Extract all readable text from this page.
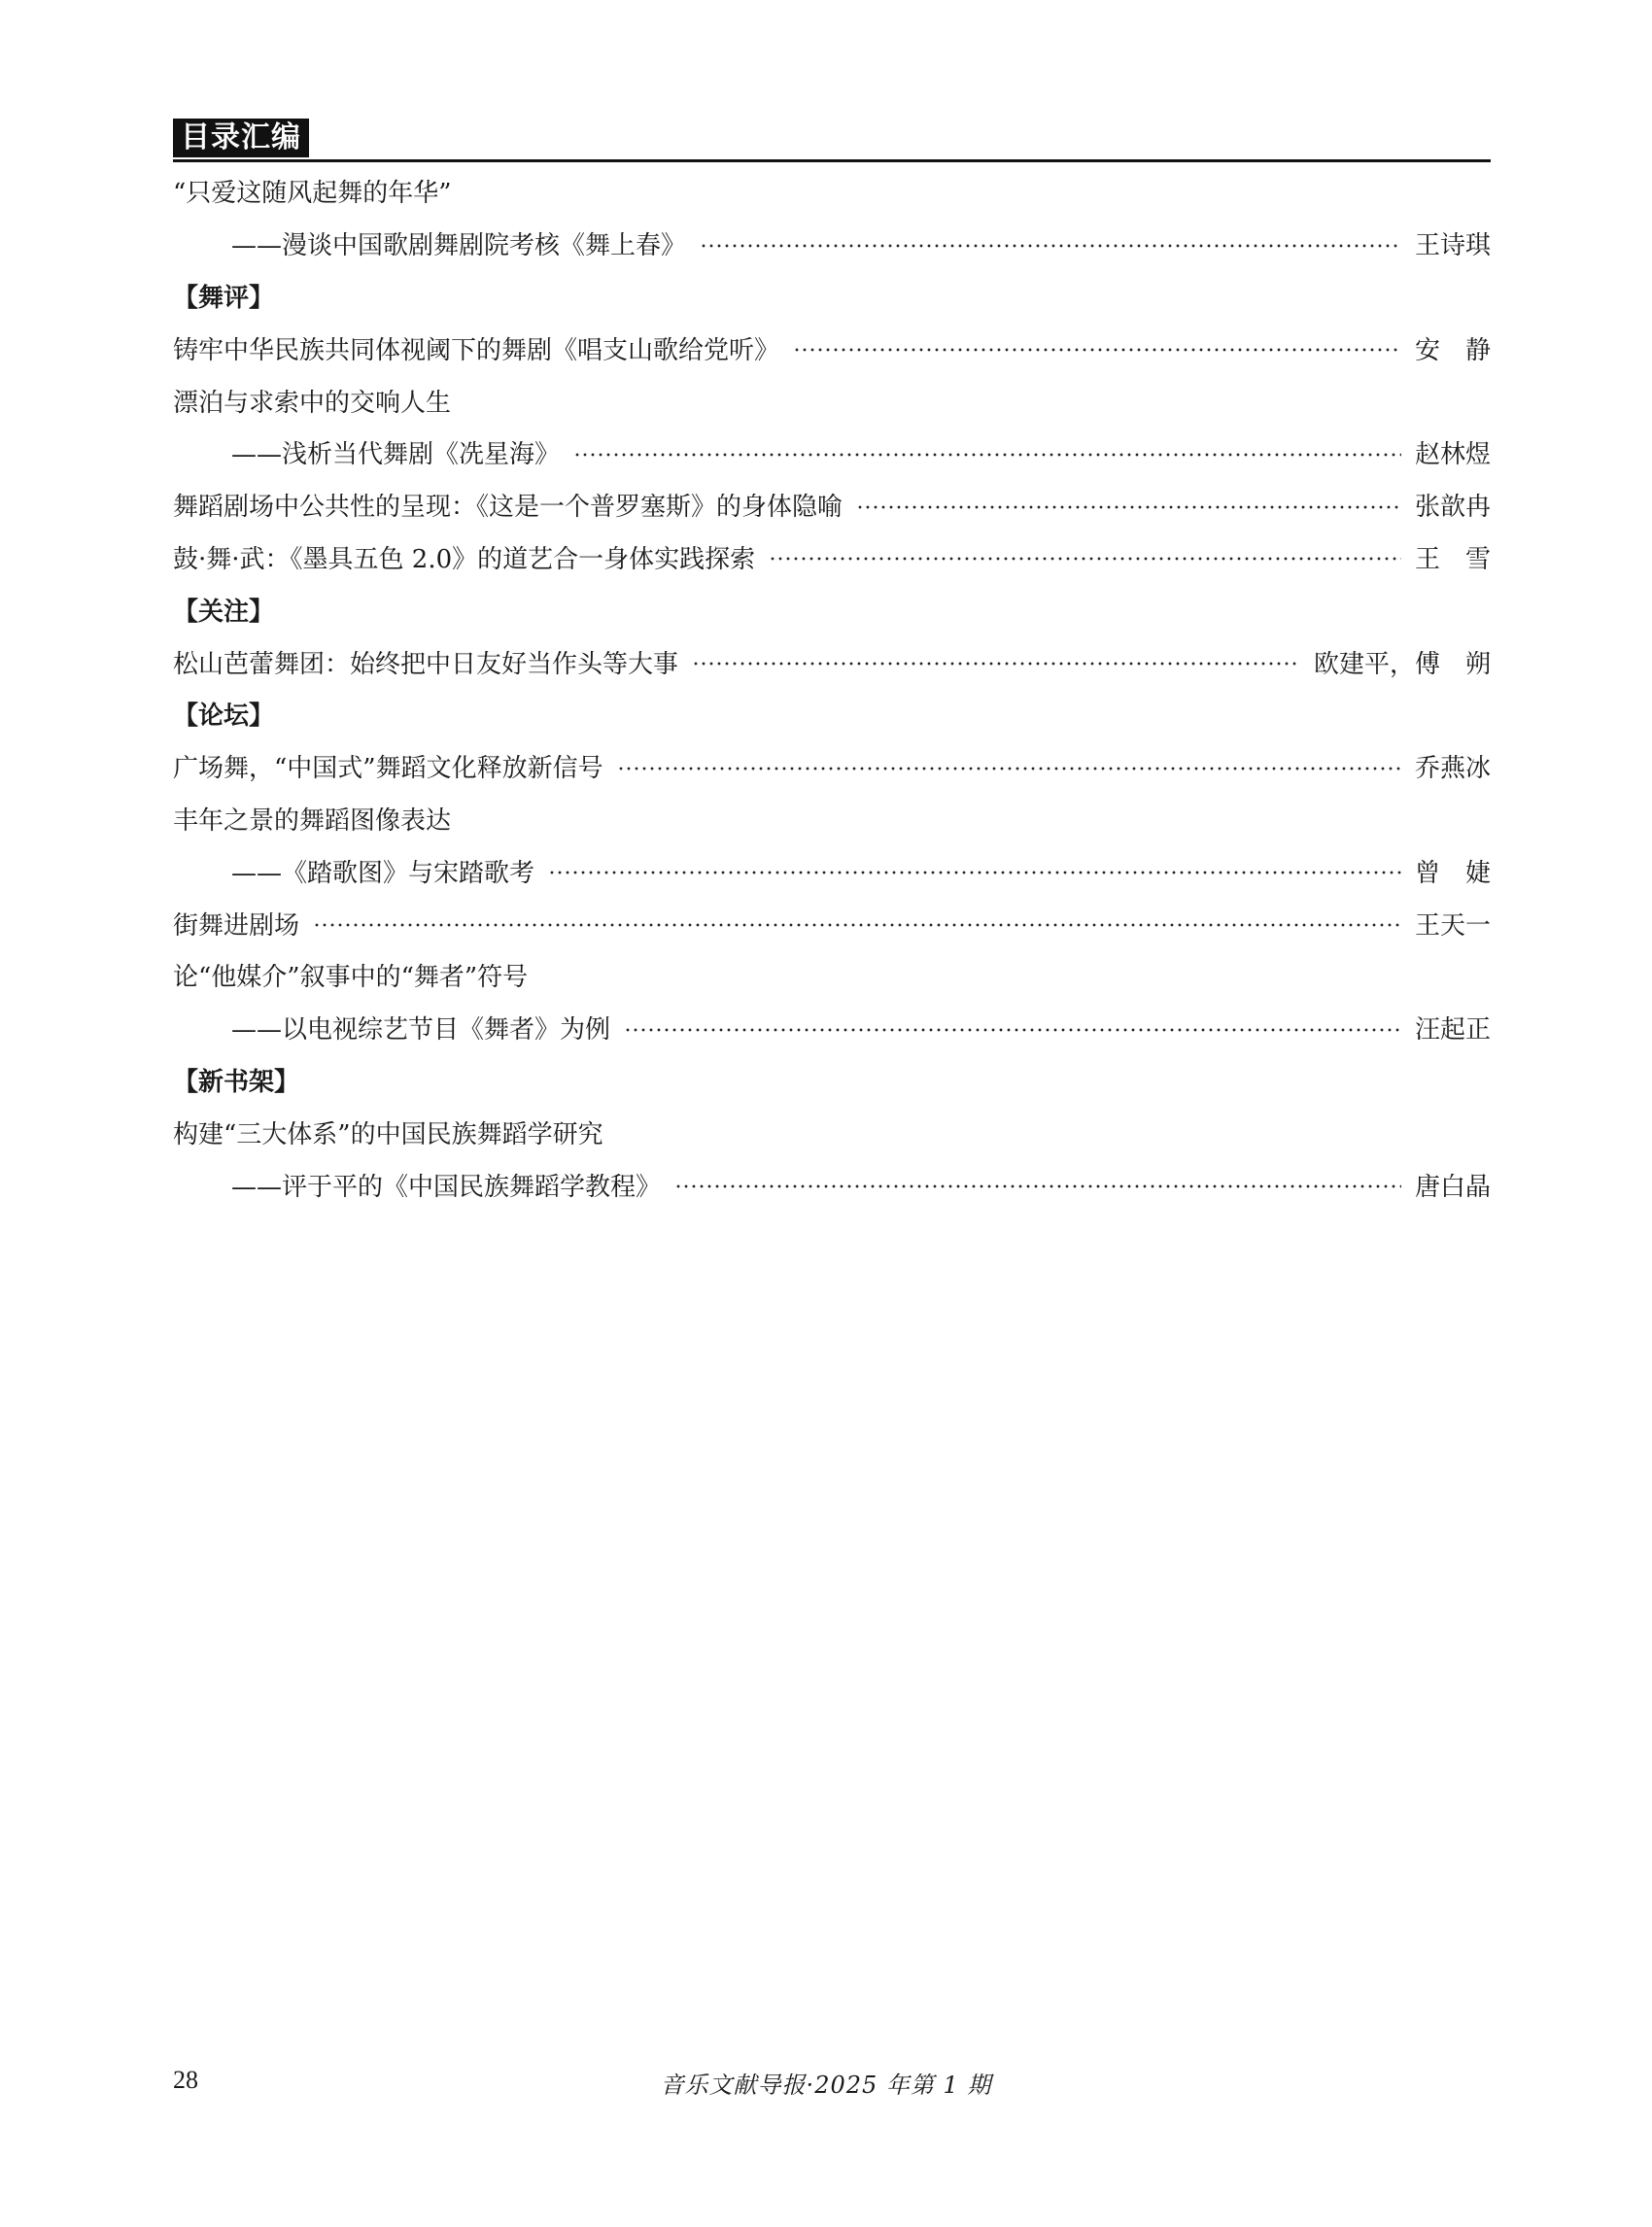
目录汇编
“只爱这随风起舞的年华”
——漫谈中国歌剧舞剧院考核《舞上春》	王诗琪
【舞评】
铸牢中华民族共同体视阈下的舞剧《唱支山歌给党听》	安　静
漂泊与求索中的交响人生
——浅析当代舞剧《冼星海》	赵林煜
舞蹈剧场中公共性的呈现：《这是一个普罗塞斯》的身体隐喻	张歆冉
鼓·舞·武：《墨具五色 2.0》的道艺合一身体实践探索	王　雪
【关注】
松山芭蕾舞团：始终把中日友好当作头等大事	欧建平，傅　朔
【论坛】
广场舞，“中国式”舞蹈文化释放新信号	乔燕冰
丰年之景的舞蹈图像表达
——《踏歌图》与宋踏歌考	曾　婕
街舞进剧场	王天一
论“他媒介”叙事中的“舞者”符号
——以电视综艺节目《舞者》为例	汪起正
【新书架】
构建“三大体系”的中国民族舞蹈学研究
——评于平的《中国民族舞蹈学教程》	唐白晶
28	音乐文献导报·2025 年第 1 期
